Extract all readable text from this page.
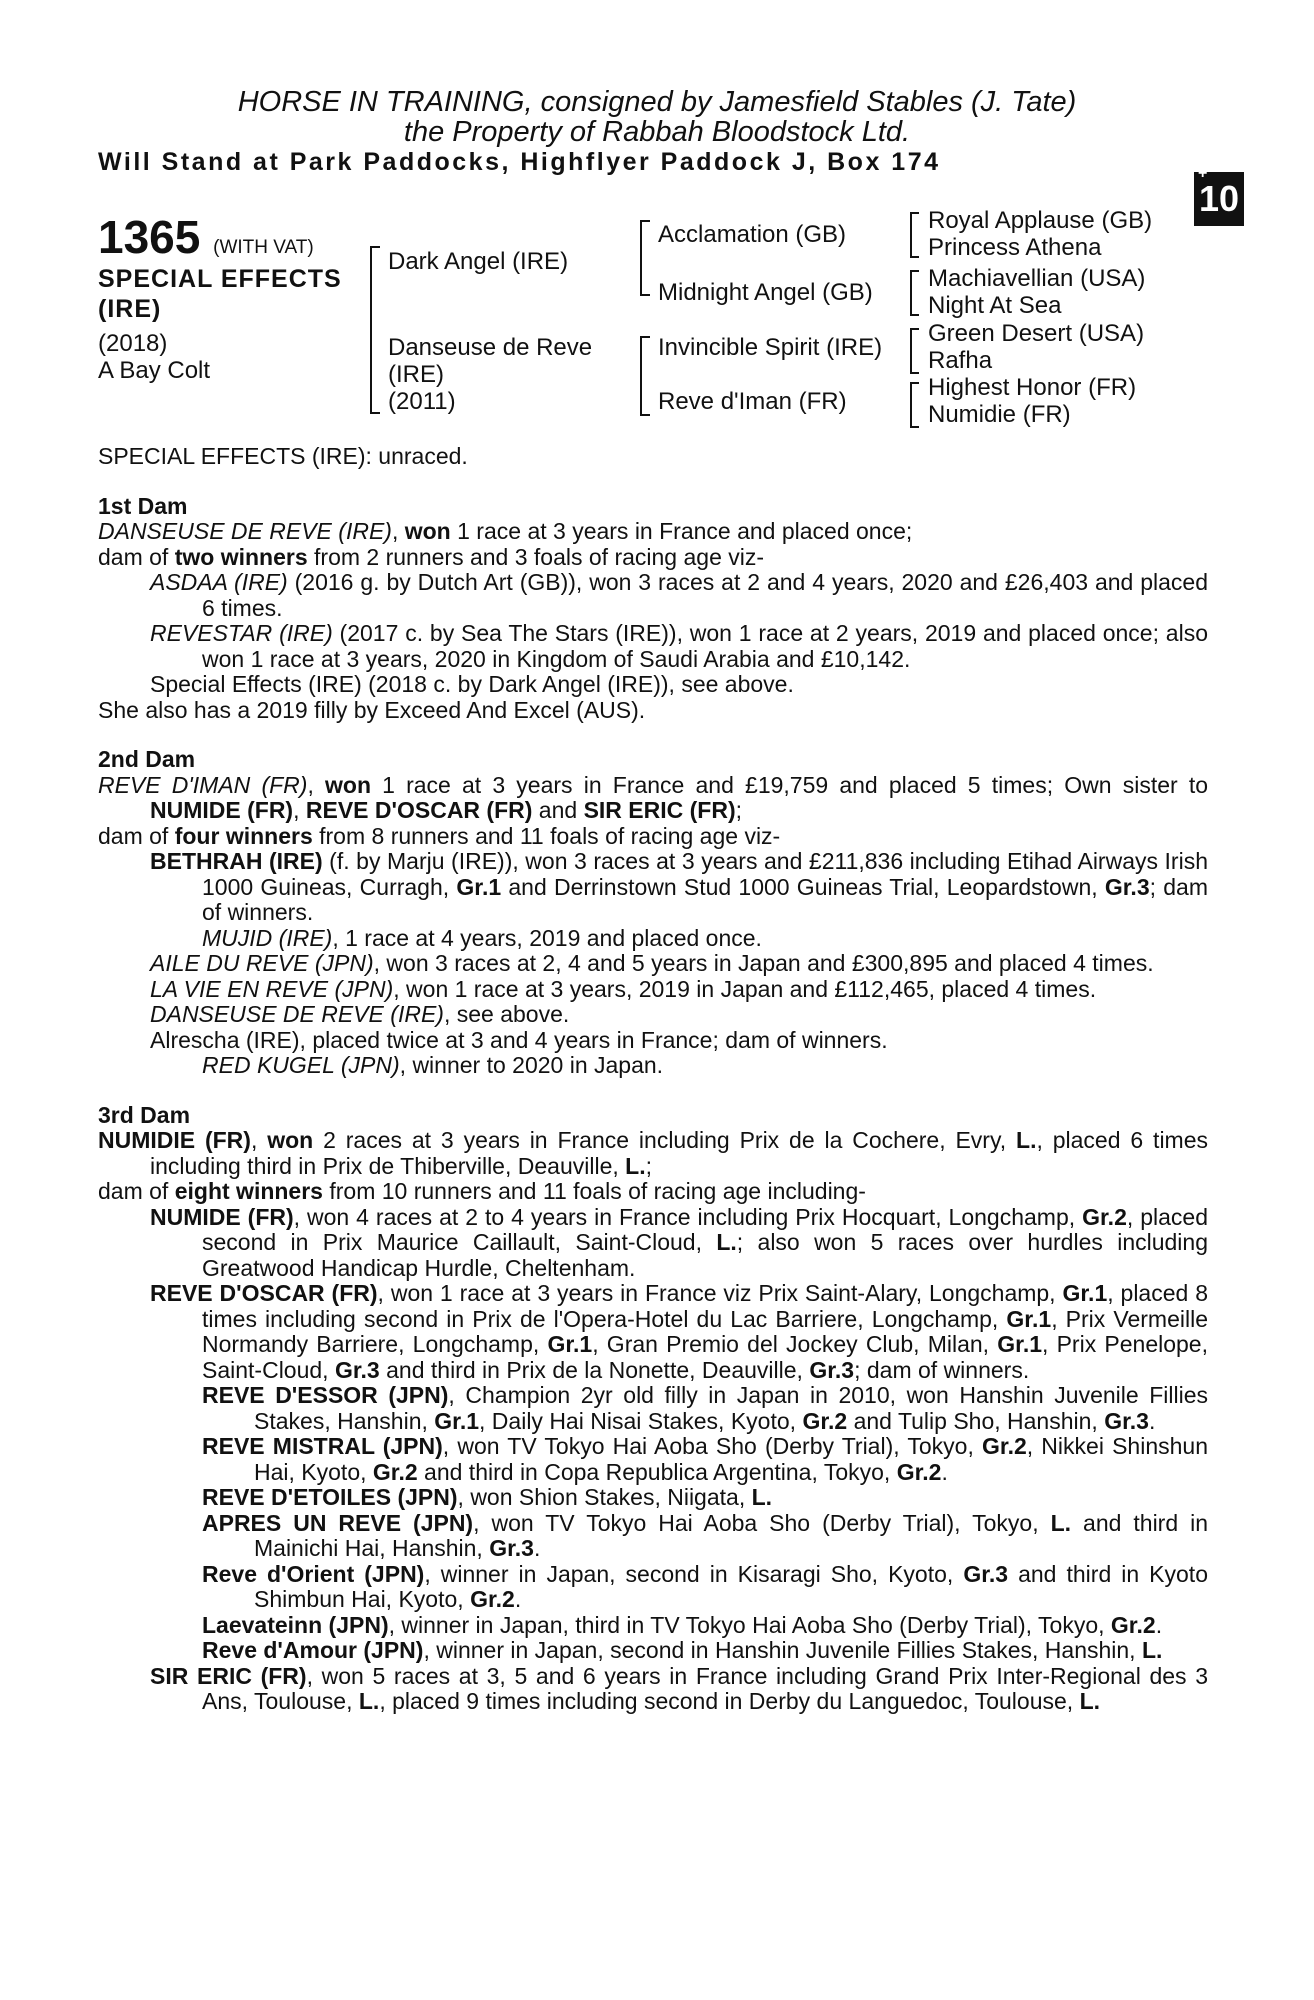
HORSE IN TRAINING, consigned by Jamesfield Stables (J. Tate)
the Property of Rabbah Bloodstock Ltd.
Will Stand at Park Paddocks, Highflyer Paddock J, Box 174	+
10
1365 (WITH VAT)
SPECIAL EFFECTS
(IRE)
(2018)
A Bay Colt
Dark Angel (IRE)
Danseuse de Reve
(IRE)
(2011)
Acclamation (GB)
Midnight Angel (GB)
Invincible Spirit (IRE)
Reve d'Iman (FR)
Royal Applause (GB)
Princess Athena
Machiavellian (USA)
Night At Sea
Green Desert (USA)
Rafha
Highest Honor (FR)
Numidie (FR)

SPECIAL EFFECTS (IRE): unraced.

1st Dam

DANSEUSE DE REVE (IRE), won 1 race at 3 years in France and placed once;

dam of two winners from 2 runners and 3 foals of racing age viz-

ASDAA (IRE) (2016 g. by Dutch Art (GB)), won 3 races at 2 and 4 years, 2020 and £26,403 and placed 6 times.

REVESTAR (IRE) (2017 c. by Sea The Stars (IRE)), won 1 race at 2 years, 2019 and placed once; also won 1 race at 3 years, 2020 in Kingdom of Saudi Arabia and £10,142.

Special Effects (IRE) (2018 c. by Dark Angel (IRE)), see above.

She also has a 2019 filly by Exceed And Excel (AUS).

2nd Dam

REVE D'IMAN (FR), won 1 race at 3 years in France and £19,759 and placed 5 times; Own sister to NUMIDE (FR), REVE D'OSCAR (FR) and SIR ERIC (FR);

dam of four winners from 8 runners and 11 foals of racing age viz-

BETHRAH (IRE) (f. by Marju (IRE)), won 3 races at 3 years and £211,836 including Etihad Airways Irish 1000 Guineas, Curragh, Gr.1 and Derrinstown Stud 1000 Guineas Trial, Leopardstown, Gr.3; dam of winners.

MUJID (IRE), 1 race at 4 years, 2019 and placed once.

AILE DU REVE (JPN), won 3 races at 2, 4 and 5 years in Japan and £300,895 and placed 4 times.

LA VIE EN REVE (JPN), won 1 race at 3 years, 2019 in Japan and £112,465, placed 4 times.

DANSEUSE DE REVE (IRE), see above.

Alrescha (IRE), placed twice at 3 and 4 years in France; dam of winners.

RED KUGEL (JPN), winner to 2020 in Japan.

3rd Dam

NUMIDIE (FR), won 2 races at 3 years in France including Prix de la Cochere, Evry, L., placed 6 times including third in Prix de Thiberville, Deauville, L.;

dam of eight winners from 10 runners and 11 foals of racing age including-

NUMIDE (FR), won 4 races at 2 to 4 years in France including Prix Hocquart, Longchamp, Gr.2, placed second in Prix Maurice Caillault, Saint-Cloud, L.; also won 5 races over hurdles including Greatwood Handicap Hurdle, Cheltenham.

REVE D'OSCAR (FR), won 1 race at 3 years in France viz Prix Saint-Alary, Longchamp, Gr.1, placed 8 times including second in Prix de l'Opera-Hotel du Lac Barriere, Longchamp, Gr.1, Prix Vermeille Normandy Barriere, Longchamp, Gr.1, Gran Premio del Jockey Club, Milan, Gr.1, Prix Penelope, Saint-Cloud, Gr.3 and third in Prix de la Nonette, Deauville, Gr.3; dam of winners.

REVE D'ESSOR (JPN), Champion 2yr old filly in Japan in 2010, won Hanshin Juvenile Fillies Stakes, Hanshin, Gr.1, Daily Hai Nisai Stakes, Kyoto, Gr.2 and Tulip Sho, Hanshin, Gr.3.

REVE MISTRAL (JPN), won TV Tokyo Hai Aoba Sho (Derby Trial), Tokyo, Gr.2, Nikkei Shinshun Hai, Kyoto, Gr.2 and third in Copa Republica Argentina, Tokyo, Gr.2.

REVE D'ETOILES (JPN), won Shion Stakes, Niigata, L.

APRES UN REVE (JPN), won TV Tokyo Hai Aoba Sho (Derby Trial), Tokyo, L. and third in Mainichi Hai, Hanshin, Gr.3.

Reve d'Orient (JPN), winner in Japan, second in Kisaragi Sho, Kyoto, Gr.3 and third in Kyoto Shimbun Hai, Kyoto, Gr.2.

Laevateinn (JPN), winner in Japan, third in TV Tokyo Hai Aoba Sho (Derby Trial), Tokyo, Gr.2.

Reve d'Amour (JPN), winner in Japan, second in Hanshin Juvenile Fillies Stakes, Hanshin, L.

SIR ERIC (FR), won 5 races at 3, 5 and 6 years in France including Grand Prix Inter-Regional des 3 Ans, Toulouse, L., placed 9 times including second in Derby du Languedoc, Toulouse, L.
